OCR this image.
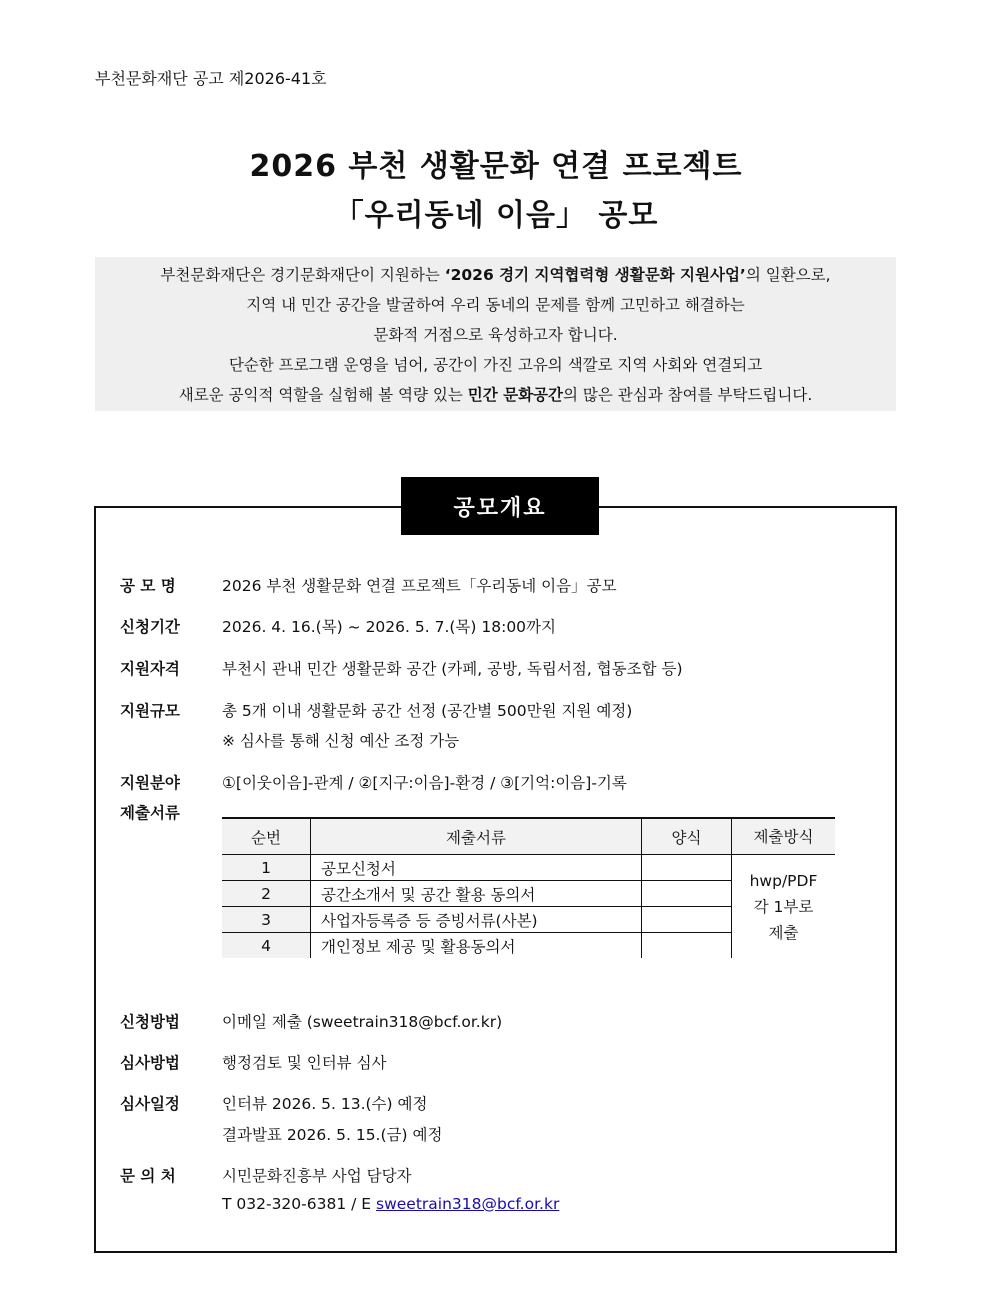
부천문화재단 공고 제2026-41호
2026 부천 생활문화 연결 프로젝트
「우리동네 이음」 공모
부천문화재단은 경기문화재단이 지원하는 ‘2026 경기 지역협력형 생활문화 지원사업’의 일환으로,
지역 내 민간 공간을 발굴하여 우리 동네의 문제를 함께 고민하고 해결하는
문화적 거점으로 육성하고자 합니다.
단순한 프로그램 운영을 넘어, 공간이 가진 고유의 색깔로 지역 사회와 연결되고
새로운 공익적 역할을 실험해 볼 역량 있는 민간 문화공간의 많은 관심과 참여를 부탁드립니다.
공모개요
공 모 명	2026 부천 생활문화 연결 프로젝트「우리동네 이음」공모
신청기간	2026. 4. 16.(목) ~ 2026. 5. 7.(목) 18:00까지
지원자격	부천시 관내 민간 생활문화 공간 (카페, 공방, 독립서점, 협동조합 등)
지원규모	총 5개 이내 생활문화 공간 선정 (공간별 500만원 지원 예정)
※ 심사를 통해 신청 예산 조정 가능
지원분야	①[이웃이음]-관계 / ②[지구:이음]-환경 / ③[기억:이음]-기록
제출서류
순번	제출서류	양식	제출방식
1	공모신청서		hwp/PDF
각 1부로
제출

2	공간소개서 및 공간 활용 동의서		
3	사업자등록증 등 증빙서류(사본)		
4	개인정보 제공 및 활용동의서		
신청방법	이메일 제출 (sweetrain318@bcf.or.kr)
심사방법	행정검토 및 인터뷰 심사
심사일정	인터뷰 2026. 5. 13.(수) 예정
결과발표 2026. 5. 15.(금) 예정
문 의 처	시민문화진흥부 사업 담당자
T 032-320-6381 / E sweetrain318@bcf.or.kr
